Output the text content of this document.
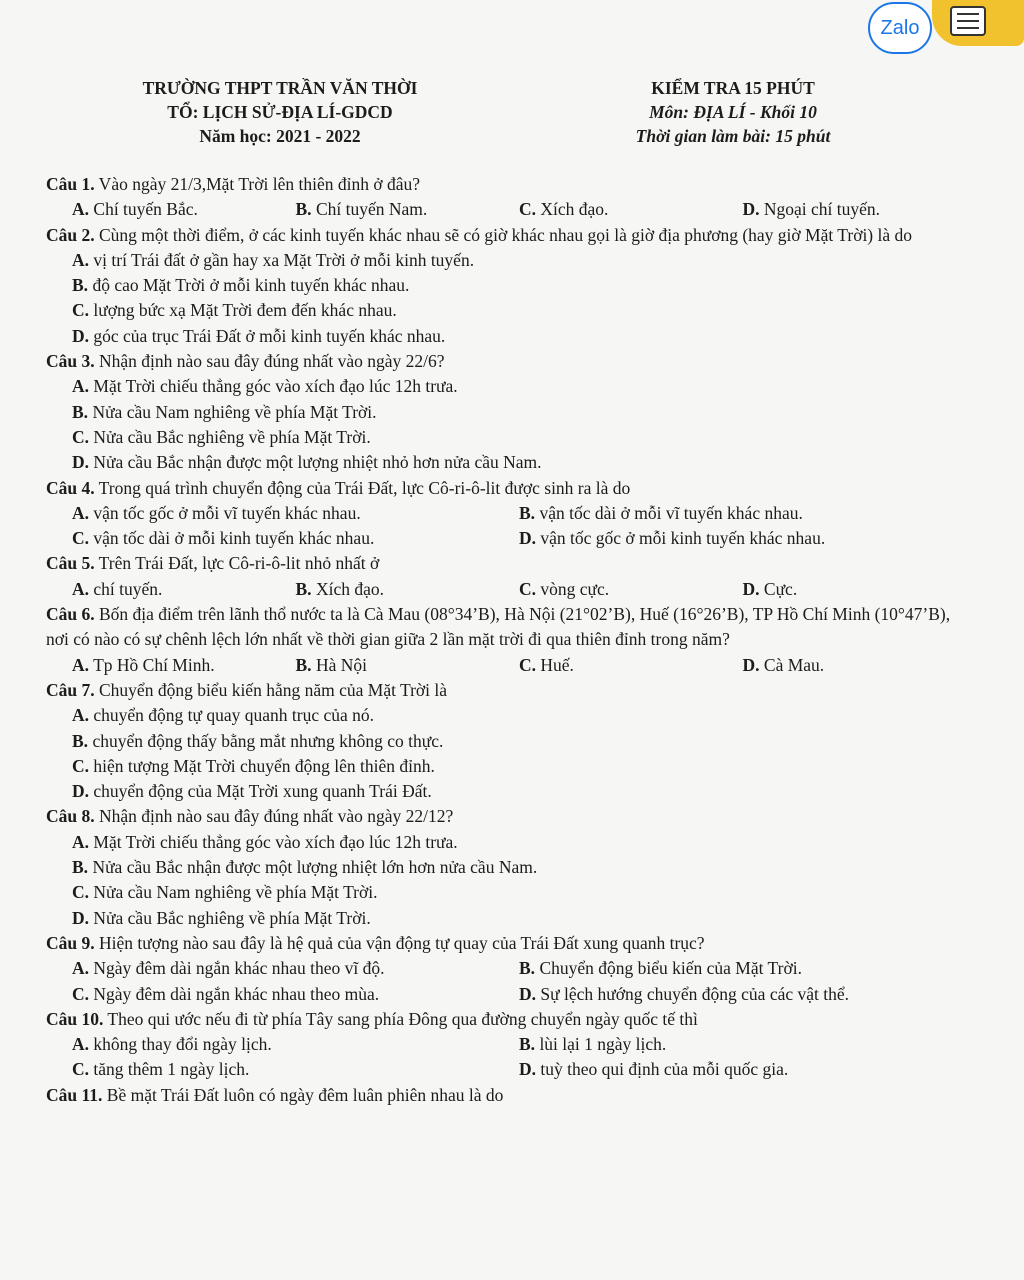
Zalo
TRƯỜNG THPT TRẦN VĂN THỜI
TỔ: LỊCH SỬ-ĐỊA LÍ-GDCD
Năm học: 2021 - 2022
KIỂM TRA 15 PHÚT
Môn: ĐỊA LÍ - Khối 10
Thời gian làm bài: 15 phút

Câu 1. Vào ngày 21/3,Mặt Trời lên thiên đỉnh ở đâu?

A. Chí tuyến Bắc.	B. Chí tuyến Nam.	C. Xích đạo.	D. Ngoại chí tuyến.

Câu 2. Cùng một thời điểm, ở các kinh tuyến khác nhau sẽ có giờ khác nhau gọi là giờ địa phương (hay giờ Mặt Trời) là do

A. vị trí Trái đất ở gần hay xa Mặt Trời ở mỗi kinh tuyến.
B. độ cao Mặt Trời ở mỗi kinh tuyến khác nhau.
C. lượng bức xạ Mặt Trời đem đến khác nhau.
D. góc của trục Trái Đất ở mỗi kinh tuyến khác nhau.

Câu 3. Nhận định nào sau đây đúng nhất vào ngày 22/6?

A. Mặt Trời chiếu thẳng góc vào xích đạo lúc 12h trưa.
B. Nửa cầu Nam nghiêng về phía Mặt Trời.
C. Nửa cầu Bắc nghiêng về phía Mặt Trời.
D. Nửa cầu Bắc nhận được một lượng nhiệt nhỏ hơn nửa cầu Nam.

Câu 4. Trong quá trình chuyển động của Trái Đất, lực Cô-ri-ô-lit được sinh ra là do

A. vận tốc gốc ở mỗi vĩ tuyến khác nhau.	B. vận tốc dài ở mỗi vĩ tuyến khác nhau.
C. vận tốc dài ở mỗi kinh tuyến khác nhau.	D. vận tốc gốc ở mỗi kinh tuyến khác nhau.

Câu 5. Trên Trái Đất, lực Cô-ri-ô-lit nhỏ nhất ở

A. chí tuyến.	B. Xích đạo.	C. vòng cực.	D. Cực.

Câu 6. Bốn địa điểm trên lãnh thổ nước ta là Cà Mau (08°34’B), Hà Nội (21°02’B), Huế (16°26’B), TP Hồ Chí Minh (10°47’B), nơi có nào có sự chênh lệch lớn nhất về thời gian giữa 2 lần mặt trời đi qua thiên đỉnh trong năm?

A. Tp Hồ Chí Minh.	B. Hà Nội	C. Huế.	D. Cà Mau.

Câu 7. Chuyển động biểu kiến hằng năm của Mặt Trời là

A. chuyển động tự quay quanh trục của nó.
B. chuyển động thấy bằng mắt nhưng không co thực.
C. hiện tượng Mặt Trời chuyển động lên thiên đỉnh.
D. chuyển động của Mặt Trời xung quanh Trái Đất.

Câu 8. Nhận định nào sau đây đúng nhất vào ngày 22/12?

A. Mặt Trời chiếu thẳng góc vào xích đạo lúc 12h trưa.
B. Nửa cầu Bắc nhận được một lượng nhiệt lớn hơn nửa cầu Nam.
C. Nửa cầu Nam nghiêng về phía Mặt Trời.
D. Nửa cầu Bắc nghiêng về phía Mặt Trời.

Câu 9. Hiện tượng nào sau đây là hệ quả của vận động tự quay của Trái Đất xung quanh trục?

A. Ngày đêm dài ngắn khác nhau theo vĩ độ.	B. Chuyển động biểu kiến của Mặt Trời.
C. Ngày đêm dài ngắn khác nhau theo mùa.	D. Sự lệch hướng chuyển động của các vật thể.

Câu 10. Theo qui ước nếu đi từ phía Tây sang phía Đông qua đường chuyển ngày quốc tế thì

A. không thay đổi ngày lịch.	B. lùi lại 1 ngày lịch.
C. tăng thêm 1 ngày lịch.	D. tuỳ theo qui định của mỗi quốc gia.

Câu 11. Bề mặt Trái Đất luôn có ngày đêm luân phiên nhau là do
